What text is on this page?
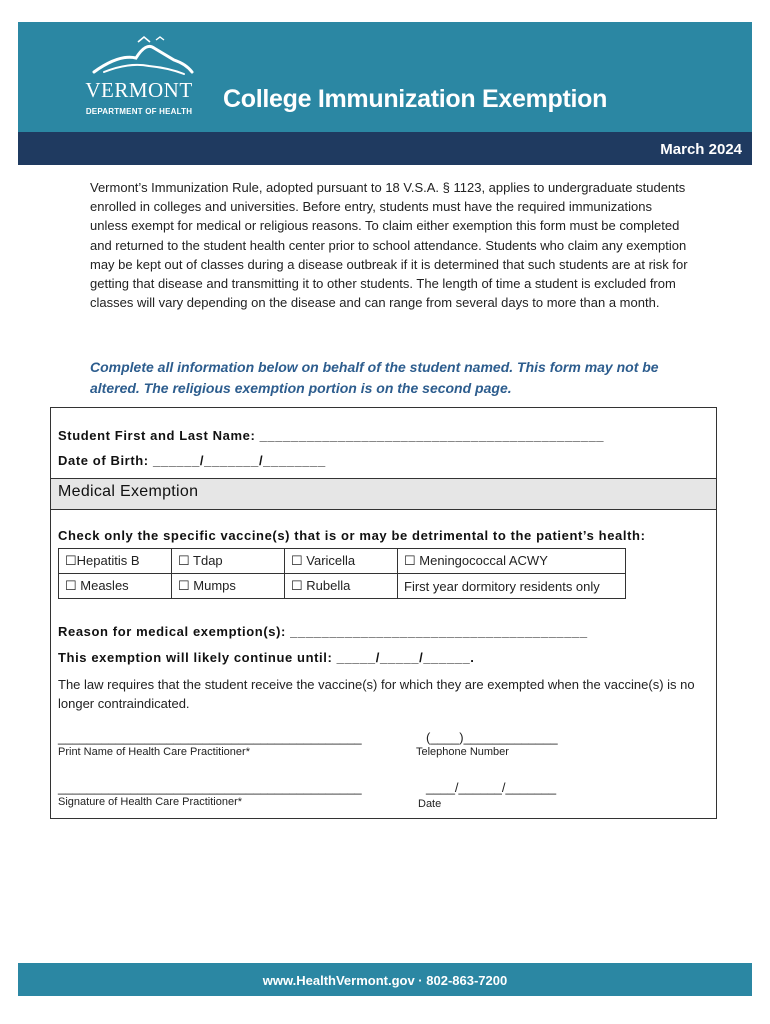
VERMONT
DEPARTMENT OF HEALTH	College Immunization Exemption
March 2024
Vermont’s Immunization Rule, adopted pursuant to 18 V.S.A. § 1123, applies to undergraduate students enrolled in colleges and universities. Before entry, students must have the required immunizations unless exempt for medical or religious reasons. To claim either exemption this form must be completed and returned to the student health center prior to school attendance. Students who claim any exemption may be kept out of classes during a disease outbreak if it is determined that such students are at risk for getting that disease and transmitting it to other students. The length of time a student is excluded from classes will vary depending on the disease and can range from several days to more than a month.
Complete all information below on behalf of the student named. This form may not be altered. The religious exemption portion is on the second page.
Student First and Last Name: ____________________________________________
Date of Birth: ______/_______/________
Medical Exemption
Check only the specific vaccine(s) that is or may be detrimental to the patient’s health:
☐Hepatitis B	☐ Tdap	☐ Varicella	☐ Meningococcal ACWY
☐ Measles	☐ Mumps	☐ Rubella	First year dormitory residents only
Reason for medical exemption(s): ______________________________________
This exemption will likely continue until: _____/_____/______.
The law requires that the student receive the vaccine(s) for which they are exempted when the vaccine(s) is no longer contraindicated.
__________________________________________
Print Name of Health Care Practitioner*
(____)_____________
Telephone Number
__________________________________________
Signature of Health Care Practitioner*
____/______/_______
Date
www.HealthVermont.gov · 802-863-7200
